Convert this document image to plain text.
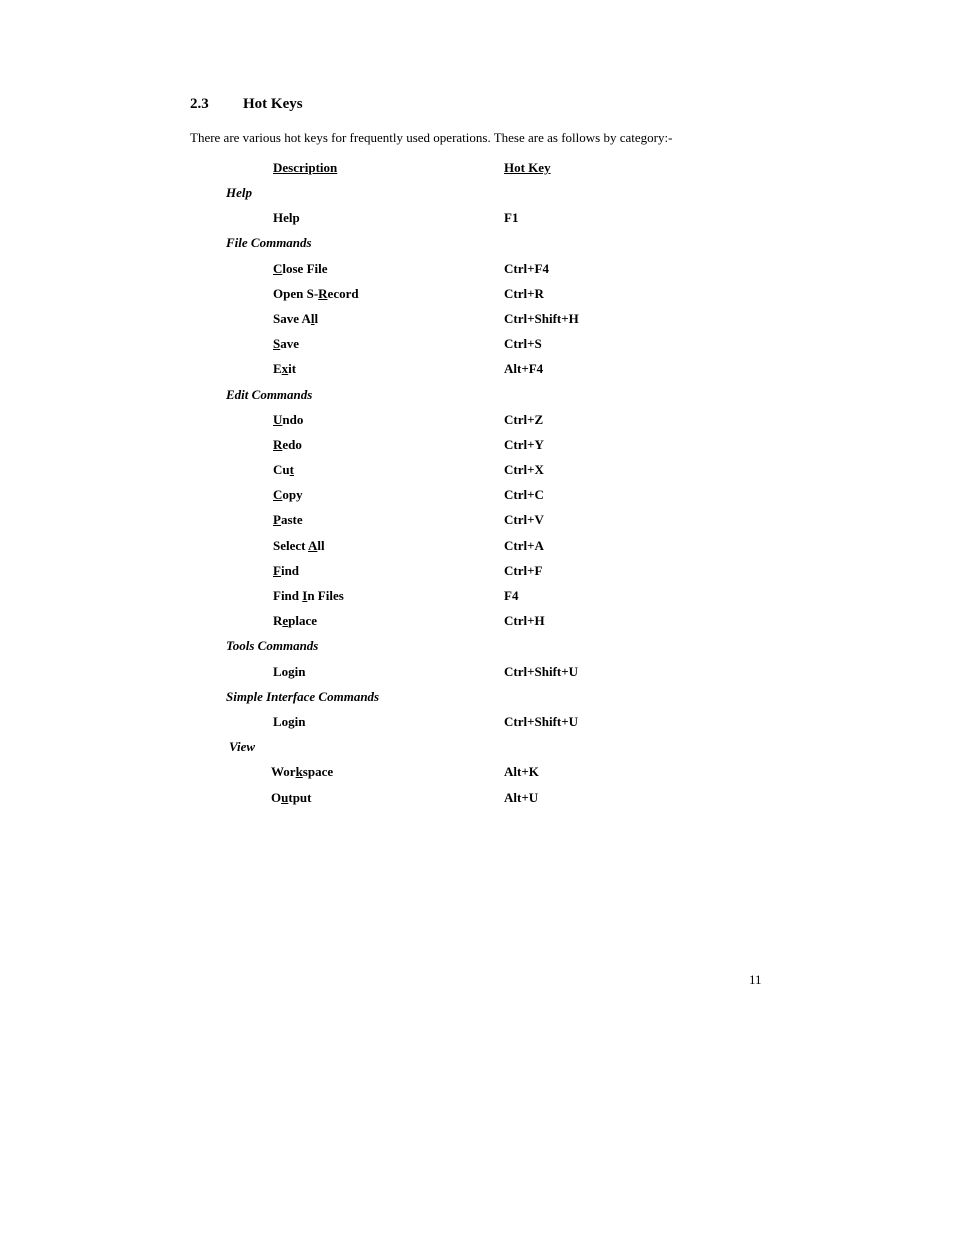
2.3 Hot Keys
There are various hot keys for frequently used operations. These are as follows by category:-
Description	Hot Key
Help
Help	F1
File Commands
Close File	Ctrl+F4
Open S-Record	Ctrl+R
Save All	Ctrl+Shift+H
Save	Ctrl+S
Exit	Alt+F4
Edit Commands
Undo	Ctrl+Z
Redo	Ctrl+Y
Cut	Ctrl+X
Copy	Ctrl+C
Paste	Ctrl+V
Select All	Ctrl+A
Find	Ctrl+F
Find In Files	F4
Replace	Ctrl+H
Tools Commands
Login	Ctrl+Shift+U
Simple Interface Commands
Login	Ctrl+Shift+U
View
Workspace	Alt+K
Output	Alt+U
11
